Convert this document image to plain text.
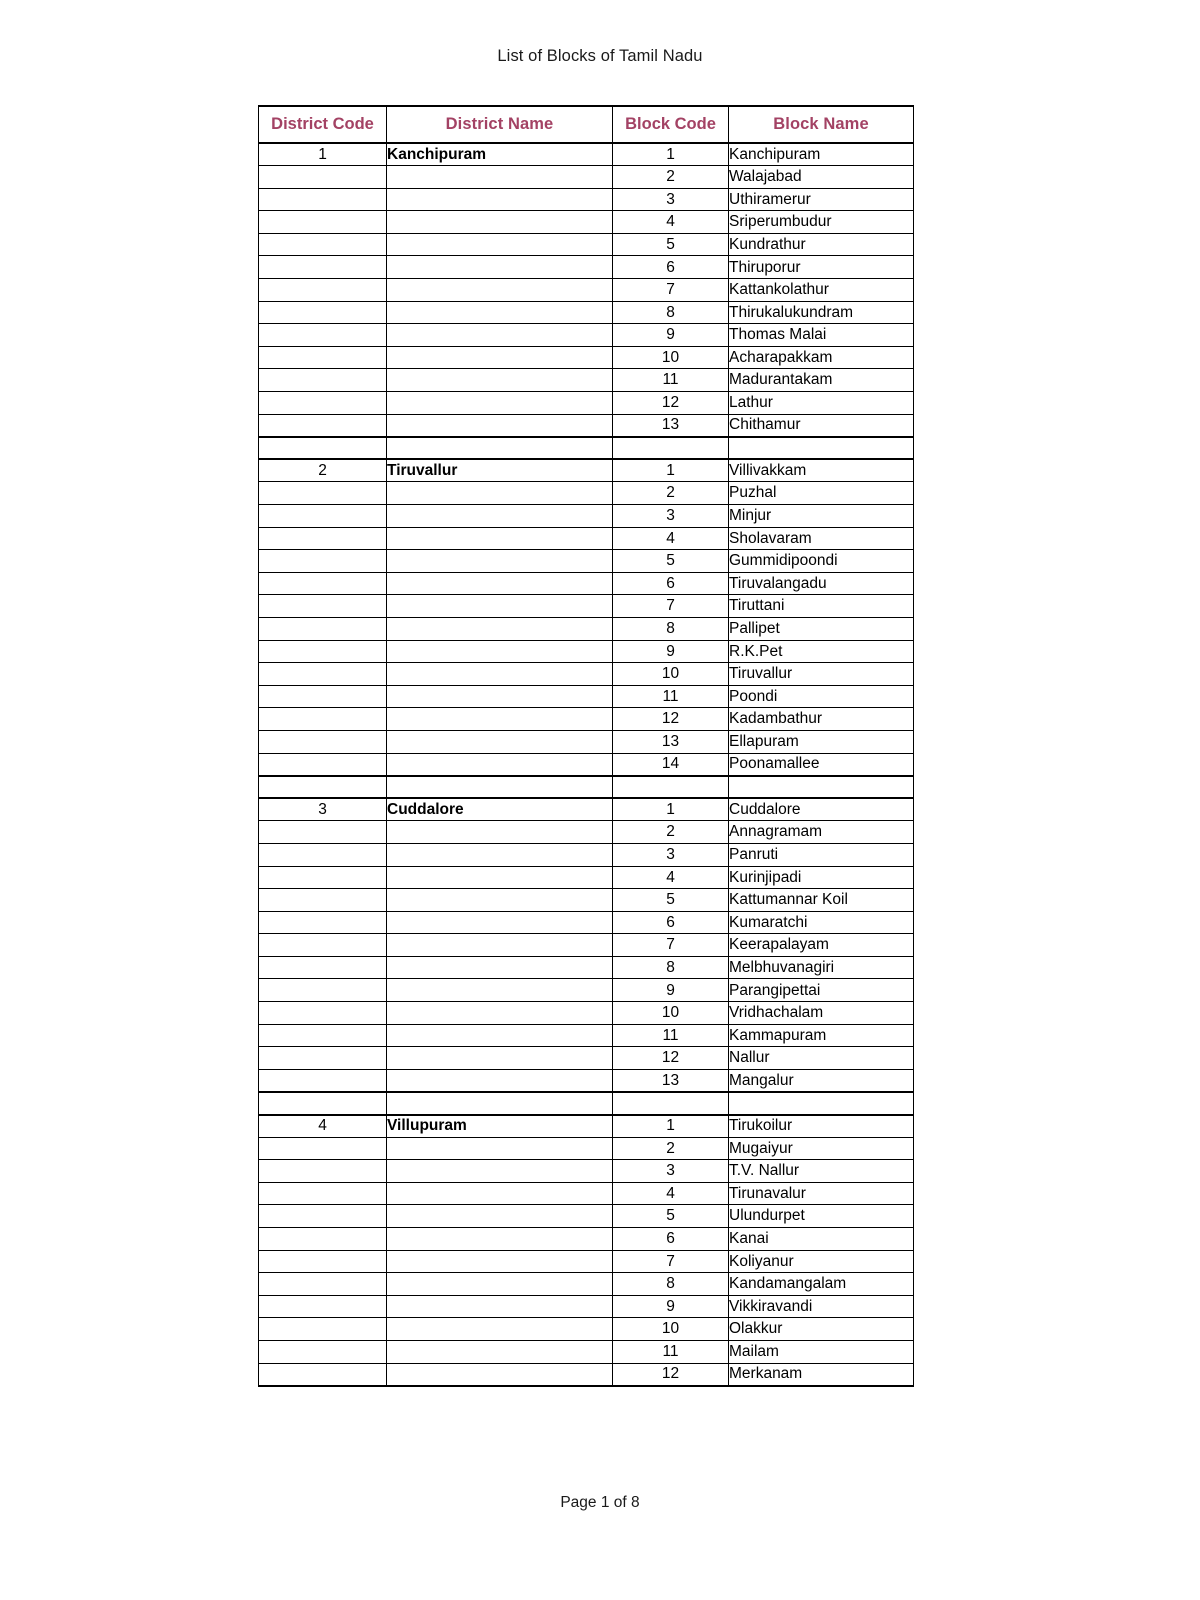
List of Blocks of Tamil Nadu
District Code	District Name	Block Code	Block Name
1	Kanchipuram	1	Kanchipuram
		2	Walajabad
		3	Uthiramerur
		4	Sriperumbudur
		5	Kundrathur
		6	Thiruporur
		7	Kattankolathur
		8	Thirukalukundram
		9	Thomas Malai
		10	Acharapakkam
		11	Madurantakam
		12	Lathur
		13	Chithamur

2	Tiruvallur	1	Villivakkam
		2	Puzhal
		3	Minjur
		4	Sholavaram
		5	Gummidipoondi
		6	Tiruvalangadu
		7	Tiruttani
		8	Pallipet
		9	R.K.Pet
		10	Tiruvallur
		11	Poondi
		12	Kadambathur
		13	Ellapuram
		14	Poonamallee

3	Cuddalore	1	Cuddalore
		2	Annagramam
		3	Panruti
		4	Kurinjipadi
		5	Kattumannar Koil
		6	Kumaratchi
		7	Keerapalayam
		8	Melbhuvanagiri
		9	Parangipettai
		10	Vridhachalam
		11	Kammapuram
		12	Nallur
		13	Mangalur

4	Villupuram	1	Tirukoilur
		2	Mugaiyur
		3	T.V. Nallur
		4	Tirunavalur
		5	Ulundurpet
		6	Kanai
		7	Koliyanur
		8	Kandamangalam
		9	Vikkiravandi
		10	Olakkur
		11	Mailam
		12	Merkanam
Page 1 of 8
